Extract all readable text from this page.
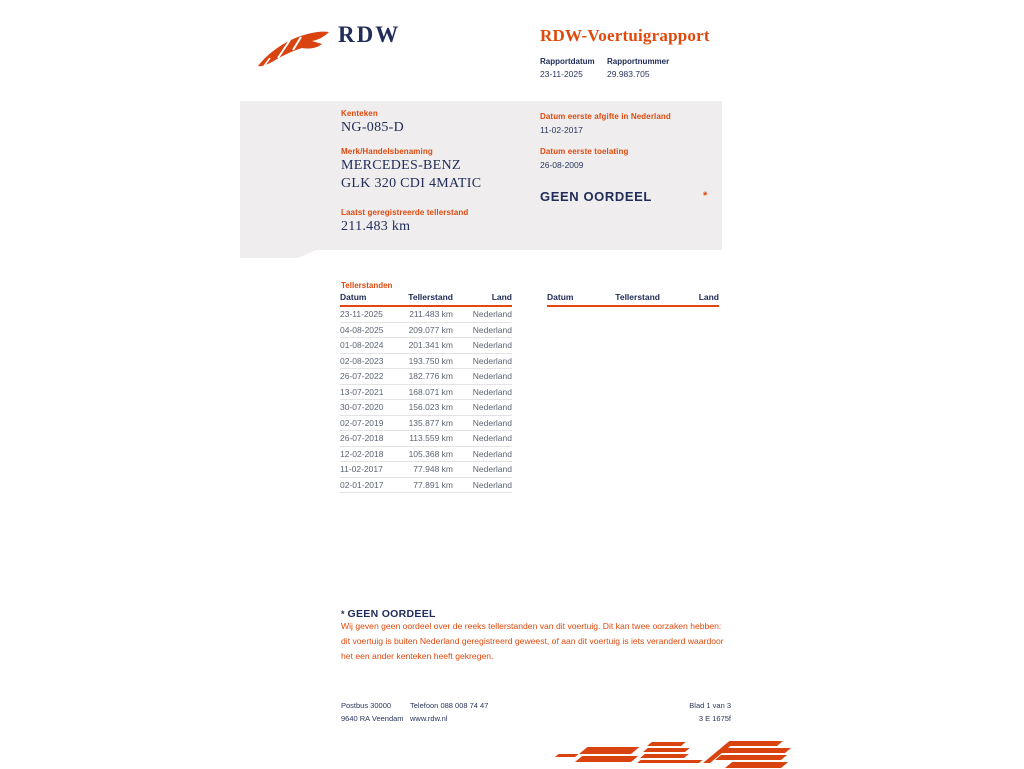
RDW	RDW-Voertuigrapport
Rapportdatum
23-11-2025
Rapportnummer
29.983.705
Kenteken
NG-085-D
Merk/Handelsbenaming
MERCEDES-BENZ
GLK 320 CDI 4MATIC
Laatst geregistreerde tellerstand
211.483 km
Datum eerste afgifte in Nederland
11-02-2017
Datum eerste toelating
26-08-2009
GEEN OORDEEL	*
Tellerstanden
Datum	Tellerstand	Land
23-11-2025	211.483 km	Nederland
04-08-2025	209.077 km	Nederland
01-08-2024	201.341 km	Nederland
02-08-2023	193.750 km	Nederland
26-07-2022	182.776 km	Nederland
13-07-2021	168.071 km	Nederland
30-07-2020	156.023 km	Nederland
02-07-2019	135.877 km	Nederland
26-07-2018	113.559 km	Nederland
12-02-2018	105.368 km	Nederland
11-02-2017	77.948 km	Nederland
02-01-2017	77.891 km	Nederland
Datum	Tellerstand	Land
* GEEN OORDEEL
Wij geven geen oordeel over de reeks tellerstanden van dit voertuig. Dit kan twee oorzaken hebben: dit voertuig is buiten Nederland geregistreerd geweest, of aan dit voertuig is iets veranderd waardoor het een ander kenteken heeft gekregen.
Postbus 30000
9640 RA Veendam
Telefoon 088 008 74 47
www.rdw.nl
Blad 1 van 3
3 E 1675f
